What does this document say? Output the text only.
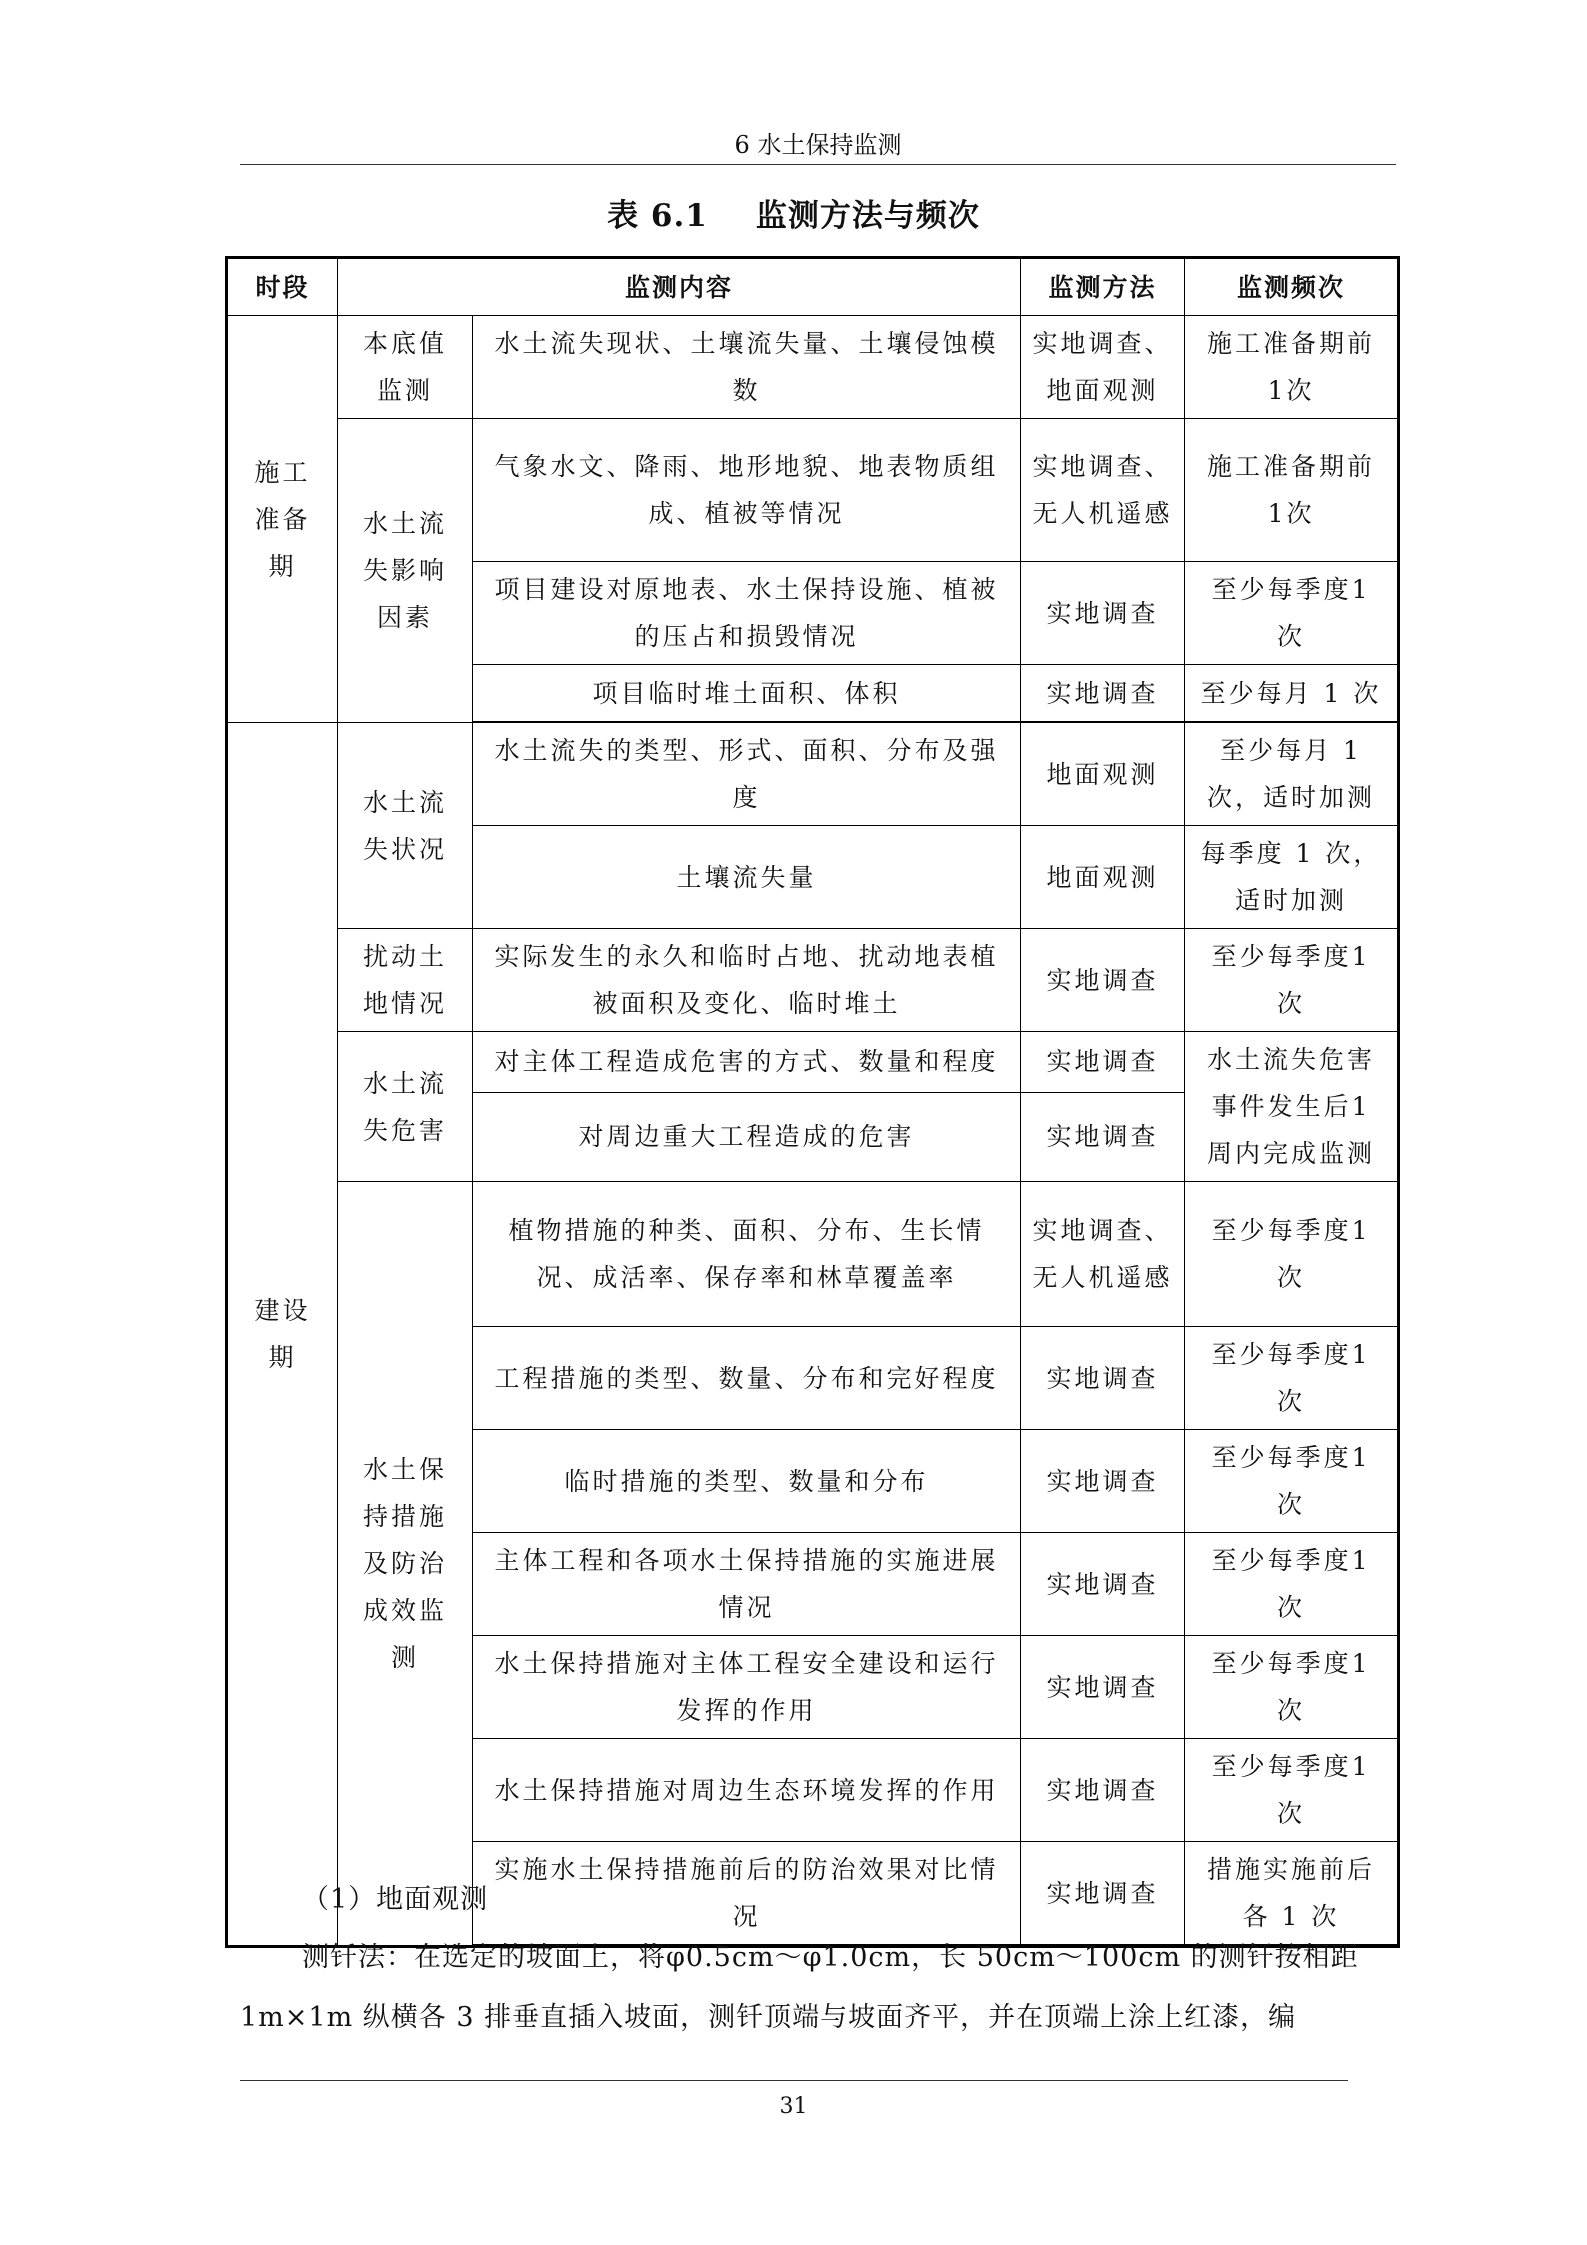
6 水土保持监测
表 6.1 监测方法与频次
时段	监测内容		监测方法	监测频次
施工准备期	本底值监测	水土流失现状、土壤流失量、土壤侵蚀模数	实地调查、地面观测	施工准备期前1次
	水土流失影响因素	气象水文、降雨、地形地貌、地表物质组成、植被等情况	实地调查、无人机遥感	施工准备期前1次
		项目建设对原地表、水土保持设施、植被的压占和损毁情况	实地调查	至少每季度1次
		项目临时堆土面积、体积	实地调查	至少每月 1 次

建设期	水土流失状况	水土流失的类型、形式、面积、分布及强度	地面观测	至少每月 1 次，适时加测
		土壤流失量	地面观测	每季度 1 次，适时加测
	扰动土地情况	实际发生的永久和临时占地、扰动地表植被面积及变化、临时堆土	实地调查	至少每季度1次
	水土流失危害	对主体工程造成危害的方式、数量和程度	实地调查	水土流失危害事件发生后1周内完成监测
		对周边重大工程造成的危害	实地调查	
	水土保持措施及防治成效监测	植物措施的种类、面积、分布、生长情况、成活率、保存率和林草覆盖率	实地调查、无人机遥感	至少每季度1次
		工程措施的类型、数量、分布和完好程度	实地调查	至少每季度1次
		临时措施的类型、数量和分布	实地调查	至少每季度1次
		主体工程和各项水土保持措施的实施进展情况	实地调查	至少每季度1次
		水土保持措施对主体工程安全建设和运行发挥的作用	实地调查	至少每季度1次
		水土保持措施对周边生态环境发挥的作用	实地调查	至少每季度1次
		实施水土保持措施前后的防治效果对比情况	实地调查	措施实施前后各 1 次

（1）地面观测
测钎法：在选定的坡面上，将φ0.5cm～φ1.0cm，长 50cm～100cm 的测钎按相距
1m×1m 纵横各 3 排垂直插入坡面，测钎顶端与坡面齐平，并在顶端上涂上红漆，编
31
